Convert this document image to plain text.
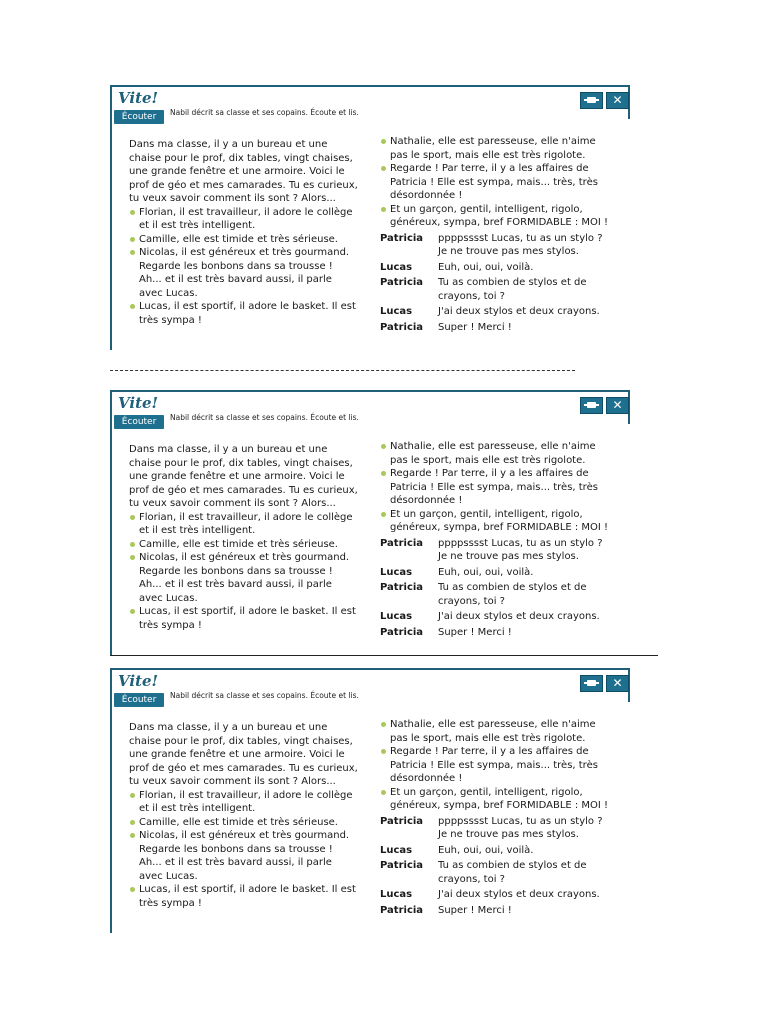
Vite!
Écouter	Nabil décrit sa classe et ses copains. Écoute et lis.
✕
Dans ma classe, il y a un bureau et une
chaise pour le prof, dix tables, vingt chaises,
une grande fenêtre et une armoire. Voici le
prof de géo et mes camarades. Tu es curieux,
tu veux savoir comment ils sont ? Alors...
Florian, il est travailleur, il adore le collège
et il est très intelligent.
Camille, elle est timide et très sérieuse.
Nicolas, il est généreux et très gourmand.
Regarde les bonbons dans sa trousse !
Ah... et il est très bavard aussi, il parle
avec Lucas.
Lucas, il est sportif, il adore le basket. Il est
très sympa !
Nathalie, elle est paresseuse, elle n'aime
pas le sport, mais elle est très rigolote.
Regarde ! Par terre, il y a les affaires de
Patricia ! Elle est sympa, mais... très, très
désordonnée !
Et un garçon, gentil, intelligent, rigolo,
généreux, sympa, bref FORMIDABLE : MOI !
Patricia	ppppsssst Lucas, tu as un stylo ?
Je ne trouve pas mes stylos.
Lucas	Euh, oui, oui, voilà.
Patricia	Tu as combien de stylos et de
crayons, toi ?
Lucas	J'ai deux stylos et deux crayons.
Patricia	Super ! Merci !
Vite!
Écouter	Nabil décrit sa classe et ses copains. Écoute et lis.
✕
Dans ma classe, il y a un bureau et une
chaise pour le prof, dix tables, vingt chaises,
une grande fenêtre et une armoire. Voici le
prof de géo et mes camarades. Tu es curieux,
tu veux savoir comment ils sont ? Alors...
Florian, il est travailleur, il adore le collège
et il est très intelligent.
Camille, elle est timide et très sérieuse.
Nicolas, il est généreux et très gourmand.
Regarde les bonbons dans sa trousse !
Ah... et il est très bavard aussi, il parle
avec Lucas.
Lucas, il est sportif, il adore le basket. Il est
très sympa !
Nathalie, elle est paresseuse, elle n'aime
pas le sport, mais elle est très rigolote.
Regarde ! Par terre, il y a les affaires de
Patricia ! Elle est sympa, mais... très, très
désordonnée !
Et un garçon, gentil, intelligent, rigolo,
généreux, sympa, bref FORMIDABLE : MOI !
Patricia	ppppsssst Lucas, tu as un stylo ?
Je ne trouve pas mes stylos.
Lucas	Euh, oui, oui, voilà.
Patricia	Tu as combien de stylos et de
crayons, toi ?
Lucas	J'ai deux stylos et deux crayons.
Patricia	Super ! Merci !
Vite!
Écouter	Nabil décrit sa classe et ses copains. Écoute et lis.
✕
Dans ma classe, il y a un bureau et une
chaise pour le prof, dix tables, vingt chaises,
une grande fenêtre et une armoire. Voici le
prof de géo et mes camarades. Tu es curieux,
tu veux savoir comment ils sont ? Alors...
Florian, il est travailleur, il adore le collège
et il est très intelligent.
Camille, elle est timide et très sérieuse.
Nicolas, il est généreux et très gourmand.
Regarde les bonbons dans sa trousse !
Ah... et il est très bavard aussi, il parle
avec Lucas.
Lucas, il est sportif, il adore le basket. Il est
très sympa !
Nathalie, elle est paresseuse, elle n'aime
pas le sport, mais elle est très rigolote.
Regarde ! Par terre, il y a les affaires de
Patricia ! Elle est sympa, mais... très, très
désordonnée !
Et un garçon, gentil, intelligent, rigolo,
généreux, sympa, bref FORMIDABLE : MOI !
Patricia	ppppsssst Lucas, tu as un stylo ?
Je ne trouve pas mes stylos.
Lucas	Euh, oui, oui, voilà.
Patricia	Tu as combien de stylos et de
crayons, toi ?
Lucas	J'ai deux stylos et deux crayons.
Patricia	Super ! Merci !
